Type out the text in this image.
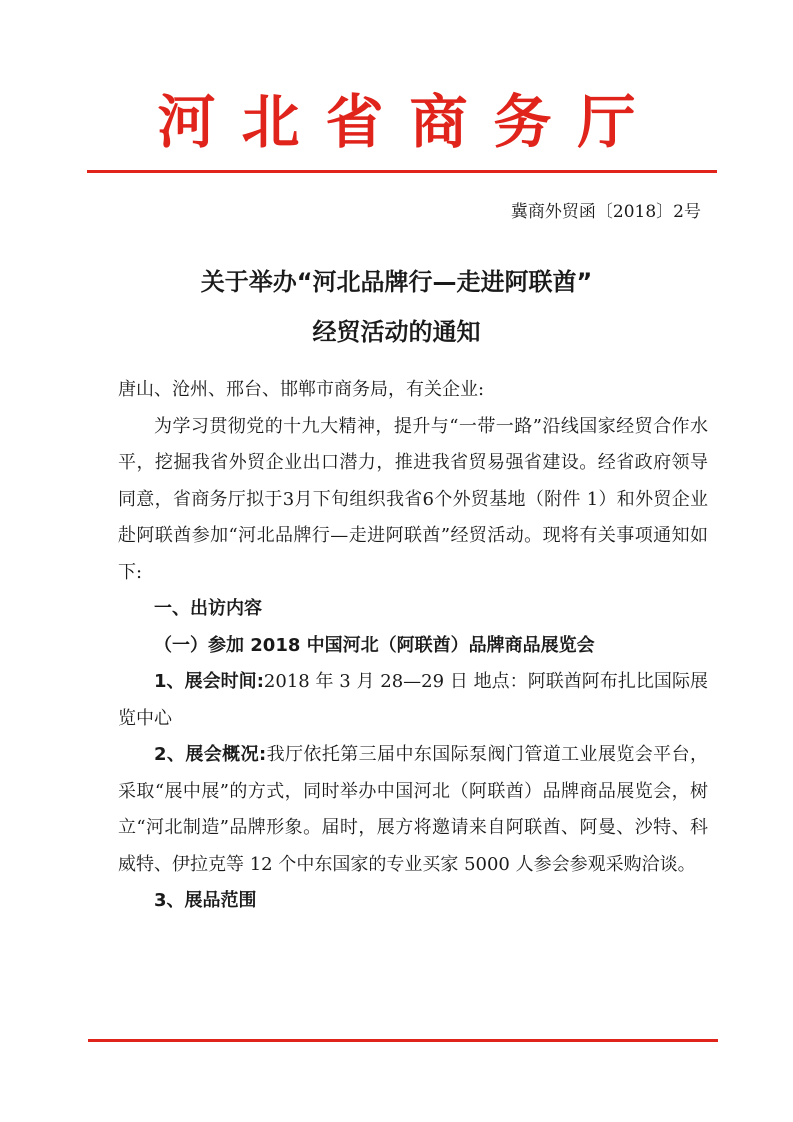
河北省商务厅
冀商外贸函〔2018〕2号
关于举办“河北品牌行—走进阿联酋”
经贸活动的通知

唐山、沧州、邢台、邯郸市商务局，有关企业:

为学习贯彻党的十九大精神，提升与“一带一路”沿线国家经贸合作水平，挖掘我省外贸企业出口潜力，推进我省贸易强省建设。经省政府领导同意，省商务厅拟于3月下旬组织我省6个外贸基地（附件 1）和外贸企业赴阿联酋参加“河北品牌行—走进阿联酋”经贸活动。现将有关事项通知如下:

一、出访内容

（一）参加 2018 中国河北（阿联酋）品牌商品展览会

1、展会时间:2018 年 3 月 28—29 日 地点：阿联酋阿布扎比国际展览中心

2、展会概况:我厅依托第三届中东国际泵阀门管道工业展览会平台，采取“展中展”的方式，同时举办中国河北（阿联酋）品牌商品展览会，树立“河北制造”品牌形象。届时，展方将邀请来自阿联酋、阿曼、沙特、科威特、伊拉克等 12 个中东国家的专业买家 5000 人参会参观采购洽谈。

3、展品范围
